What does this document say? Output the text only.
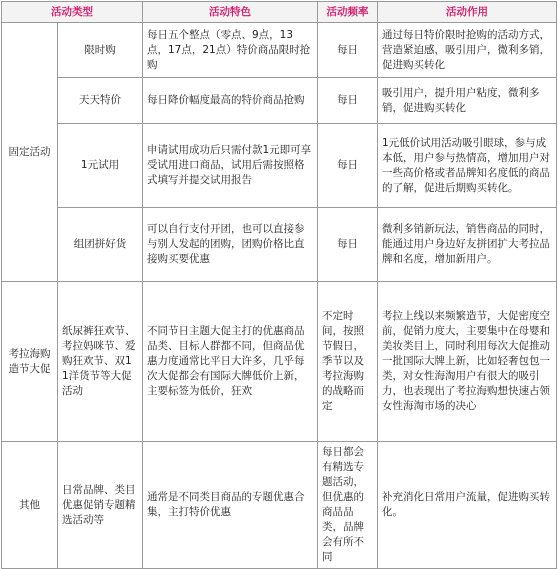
活动类型		活动特色	活动频率	活动作用
固定活动	限时购	每日五个整点（零点、9点，13点，17点，21点）特价商品限时抢购	每日	通过每日特价限时抢购的活动方式，营造紧迫感，吸引用户，微利多销，促进购买转化
	天天特价	每日降价幅度最高的特价商品抢购	每日	吸引用户，提升用户粘度，微利多销，促进购买转化
	1元试用	申请试用成功后只需付款1元即可享受试用进口商品，试用后需按照格式填写并提交试用报告	每日	1元低价试用活动吸引眼球，参与成本低，用户参与热情高，增加用户对一些高价格或者品牌知名度低的商品的了解，促进后期购买转化。
	组团拼好货	可以自行支付开团，也可以直接参与别人发起的团购，团购价格比直接购买要优惠	每日	微利多销新玩法，销售商品的同时，能通过用户身边好友拼团扩大考拉品牌和名度，增加新用户。
考拉海购造节大促	纸尿裤狂欢节、考拉妈咪节、爱购狂欢节、双11洋货节等大促活动	不同节日主题大促主打的优惠商品品类、目标人群都不同，但商品优惠力度通常比平日大许多，几乎每次大促都会有国际大牌低价上新，主要标签为低价，狂欢	不定时间，按照节假日，季节以及考拉海购的战略而定	考拉上线以来频繁造节，大促密度空前，促销力度大，主要集中在母婴和美妆类目上，同时利用每次大促推动一批国际大牌上新，比如轻奢包包一类，对女性海淘用户有很大的吸引力，也表现出了考拉海购想快速占领女性海淘市场的决心
其他	日常品牌、类目优惠促销专题精选活动等	通常是不同类目商品的专题优惠合集，主打特价优惠	每日都会有精选专题活动，但优惠的商品品类，品牌会有所不同	补充消化日常用户流量，促进购买转化。
